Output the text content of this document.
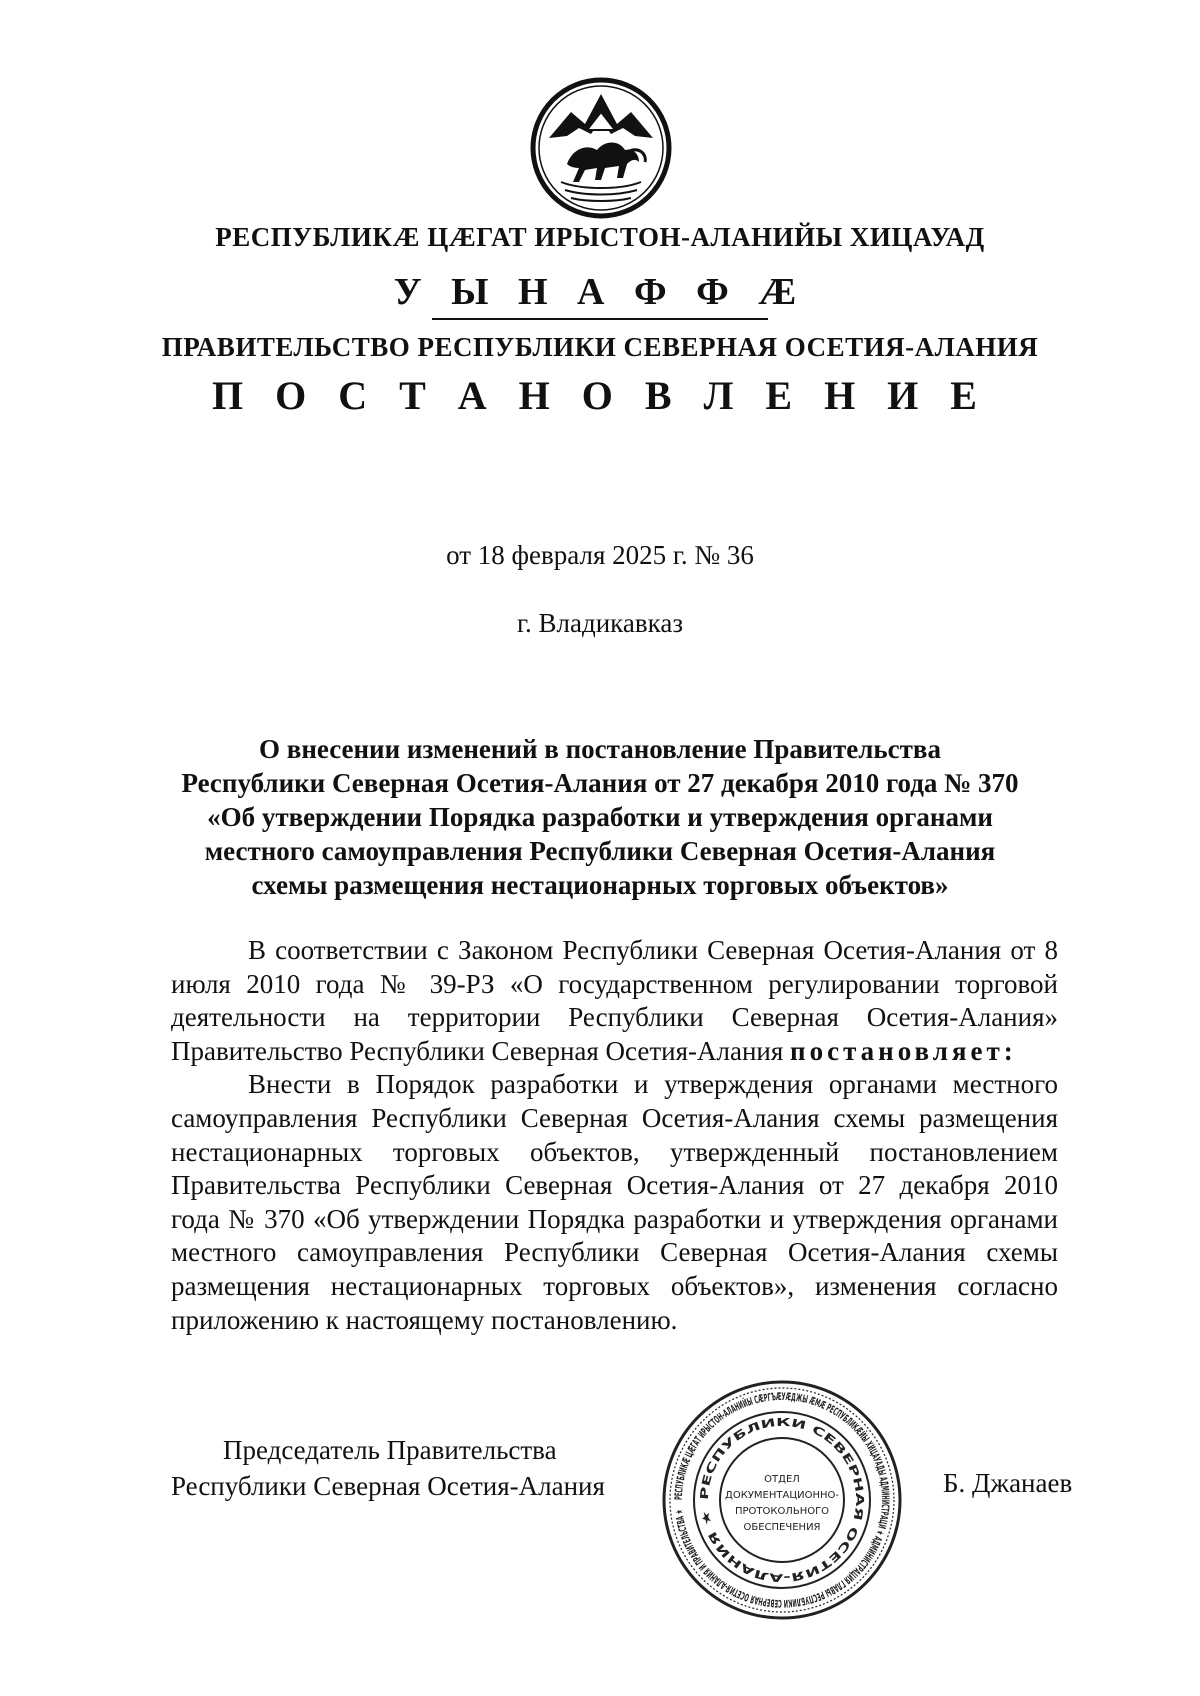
РЕСПУБЛИКÆ ЦÆГАТ ИРЫСТОН-АЛАНИЙЫ ХИЦАУАД
У Ы Н А Ф Ф Æ
ПРАВИТЕЛЬСТВО РЕСПУБЛИКИ СЕВЕРНАЯ ОСЕТИЯ-АЛАНИЯ
П О С Т А Н О В Л Е Н И Е
от 18 февраля 2025 г. № 36
г. Владикавказ
О внесении изменений в постановление Правительства
Республики Северная Осетия-Алания от 27 декабря 2010 года № 370
«Об утверждении Порядка разработки и утверждения органами
местного самоуправления Республики Северная Осетия-Алания
схемы размещения нестационарных торговых объектов»

В соответствии с Законом Республики Северная Осетия-Алания от 8 июля 2010 года № 39-РЗ «О государственном регулировании торговой деятельности на территории Республики Северная Осетия-Алания» Правительство Республики Северная Осетия-Алания постановляет:

Внести в Порядок разработки и утверждения органами местного самоуправления Республики Северная Осетия-Алания схемы размещения нестационарных торговых объектов, утвержденный постановлением Правительства Республики Северная Осетия-Алания от 27 декабря 2010 года № 370 «Об утверждении Порядка разработки и утверждения органами местного самоуправления Республики Северная Осетия-Алания схемы размещения нестационарных торговых объектов», изменения согласно приложению к настоящему постановлению.

Председатель Правительства
Республики Северная Осетия-Алания	РЕСПУБЛИКÆ ЦÆГАТ ИРЫСТОН-АЛАНИЙЫ СÆРГЪÆУÆДЖЫ ÆМÆ РЕСПУБЛИКÆЙЫ ХИЦАУАДЫ АДМИНИСТРАЦИ ★ АДМИНИСТРАЦИЯ ГЛАВЫ РЕСПУБЛИКИ СЕВЕРНАЯ ОСЕТИЯ-АЛАНИЯ И ПРАВИТЕЛЬСТВА ★
РЕСПУБЛИКИ СЕВЕРНАЯ ОСЕТИЯ-АЛАНИЯ ★
ОТДЕЛ
ДОКУМЕНТАЦИОННО-
ПРОТОКОЛЬНОГО
ОБЕСПЕЧЕНИЯ
Б. Джанаев
